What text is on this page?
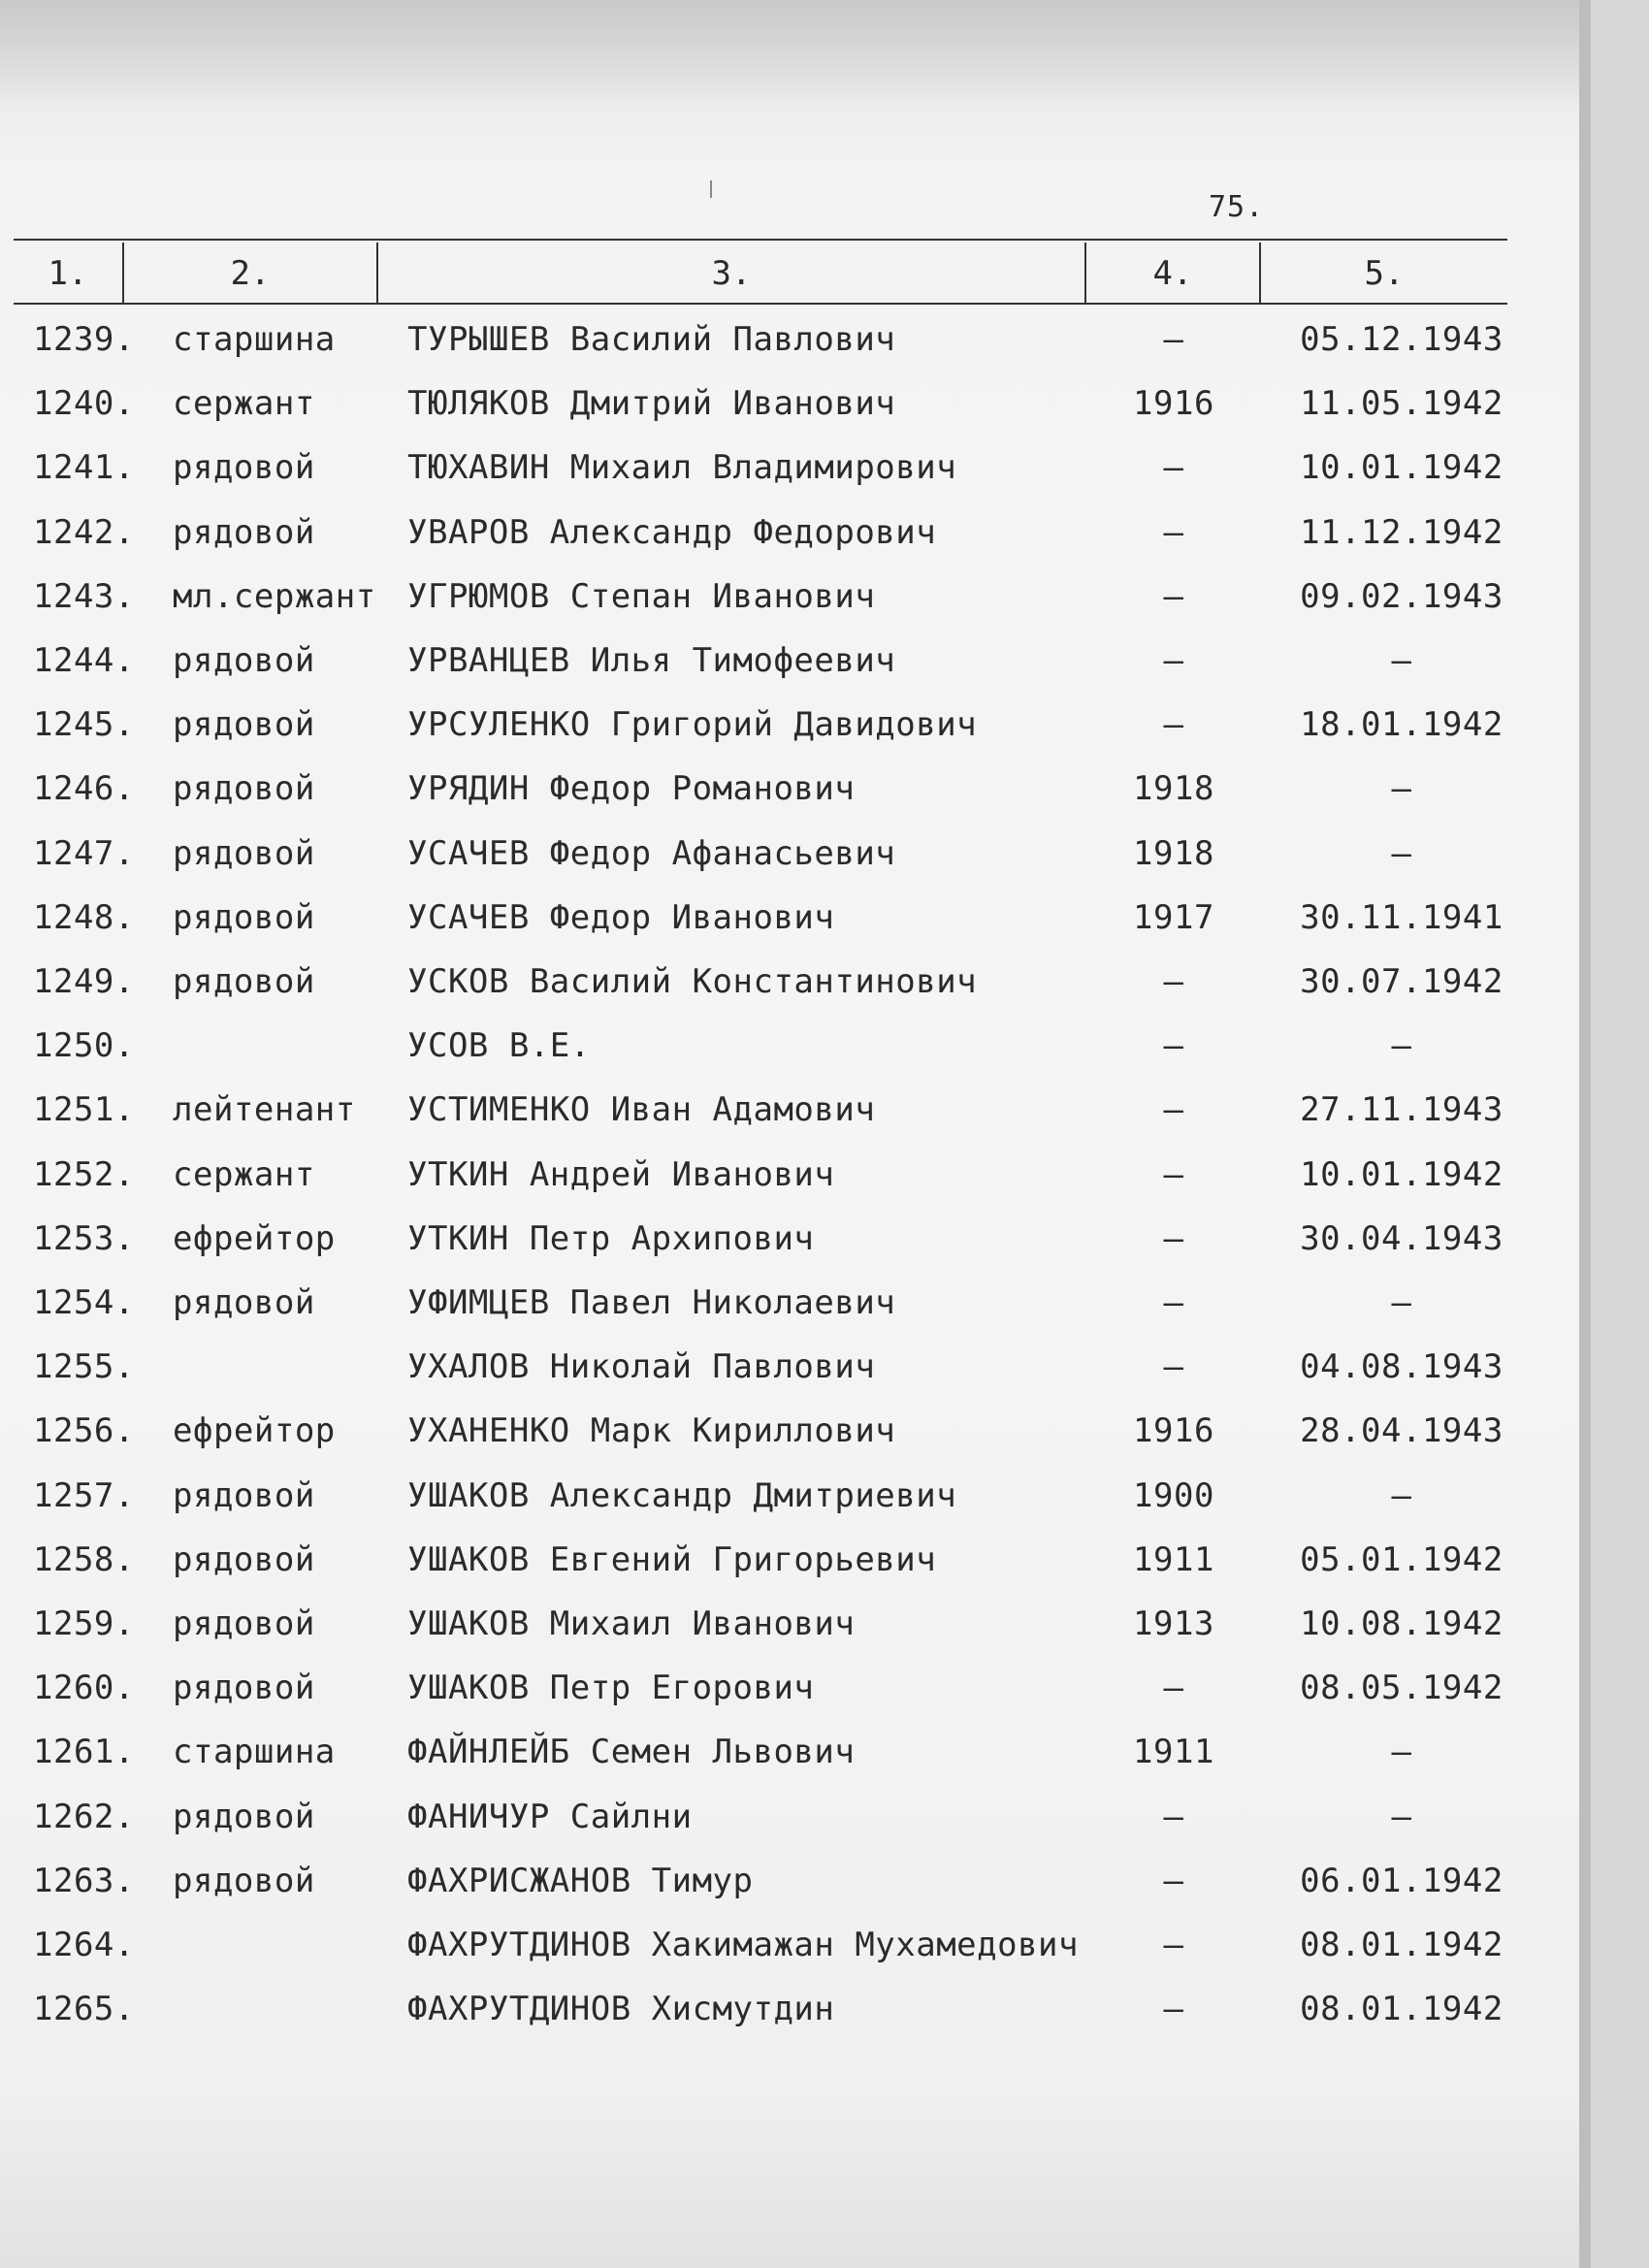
75.
1.	2.	3.	4.	5.
1239. старшина ТУРЫШЕВ Василий Павлович	–	05.12.1943
1240. сержант	ТЮЛЯКОВ Дмитрий Иванович	1916	11.05.1942
1241. рядовой	ТЮХАВИН Михаил Владимирович	–	10.01.1942
1242. рядовой	УВАРОВ Александр Федорович	–	11.12.1942
1243. мл.сержант УГРЮМОВ Степан Иванович	–	09.02.1943
1244. рядовой	УРВАНЦЕВ Илья Тимофеевич	–	–
1245. рядовой	УРСУЛЕНКО Григорий Давидович	–	18.01.1942
1246. рядовой	УРЯДИН Федор Романович	1918	–
1247. рядовой	УСАЧЕВ Федор Афанасьевич	1918	–
1248. рядовой	УСАЧЕВ Федор Иванович	1917	30.11.1941
1249. рядовой	УСКОВ Василий Константинович	–	30.07.1942
1250.	УСОВ В.Е.	–	–
1251. лейтенант УСТИМЕНКО Иван Адамович	–	27.11.1943
1252. сержант	УТКИН Андрей Иванович	–	10.01.1942
1253. ефрейтор УТКИН Петр Архипович	–	30.04.1943
1254. рядовой	УФИМЦЕВ Павел Николаевич	–	–
1255.	УХАЛОВ Николай Павлович	–	04.08.1943
1256. ефрейтор УХАНЕНКО Марк Кириллович	1916	28.04.1943
1257. рядовой	УШАКОВ Александр Дмитриевич	1900	–
1258. рядовой	УШАКОВ Евгений Григорьевич	1911	05.01.1942
1259. рядовой	УШАКОВ Михаил Иванович	1913	10.08.1942
1260. рядовой	УШАКОВ Петр Егорович	–	08.05.1942
1261. старшина ФАЙНЛЕЙБ Семен Львович	1911	–
1262. рядовой	ФАНИЧУР Сайлни	–	–
1263. рядовой	ФАХРИСЖАНОВ Тимур	–	06.01.1942
1264.	ФАХРУТДИНОВ Хакимажан Мухамедович	–	08.01.1942
1265.	ФАХРУТДИНОВ Хисмутдин	–	08.01.1942
